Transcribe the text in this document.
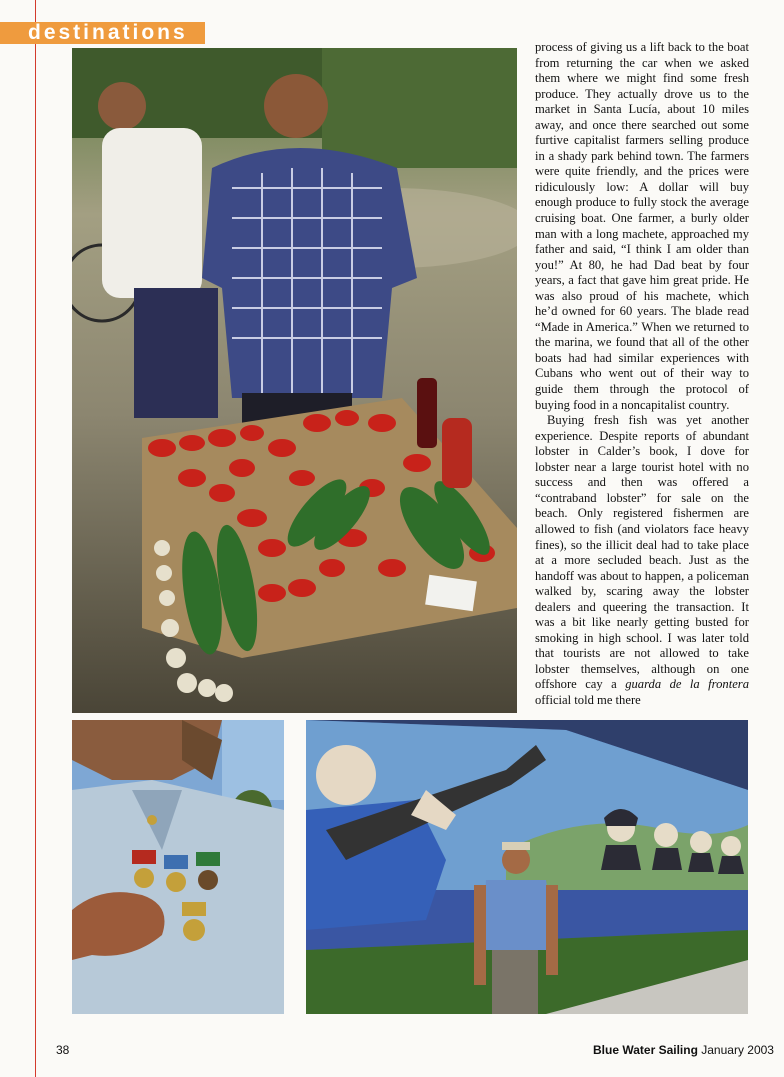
destinations

process of giving us a lift back to the boat from returning the car when we asked them where we might find some fresh produce. They actually drove us to the market in Santa Lucía, about 10 miles away, and once there searched out some furtive capitalist farmers selling produce in a shady park behind town. The farmers were quite friendly, and the prices were ridiculously low: A dollar will buy enough produce to fully stock the average cruising boat. One farmer, a burly older man with a long machete, approached my father and said, “I think I am older than you!” At 80, he had Dad beat by four years, a fact that gave him great pride. He was also proud of his machete, which he’d owned for 60 years. The blade read “Made in America.” When we returned to the marina, we found that all of the other boats had had similar experiences with Cubans who went out of their way to guide them through the protocol of buying food in a noncapitalist country.

Buying fresh fish was yet another experience. Despite reports of abundant lobster in Calder’s book, I dove for lobster near a large tourist hotel with no success and then was offered a “contraband lobster” for sale on the beach. Only registered fishermen are allowed to fish (and violators face heavy fines), so the illicit deal had to take place at a more secluded beach. Just as the handoff was about to happen, a policeman walked by, scaring away the lobster dealers and queering the transaction. It was a bit like nearly getting busted for smoking in high school. I was later told that tourists are not allowed to take lobster themselves, although on one offshore cay a guarda de la frontera official told me there

38	Blue Water Sailing January 2003
